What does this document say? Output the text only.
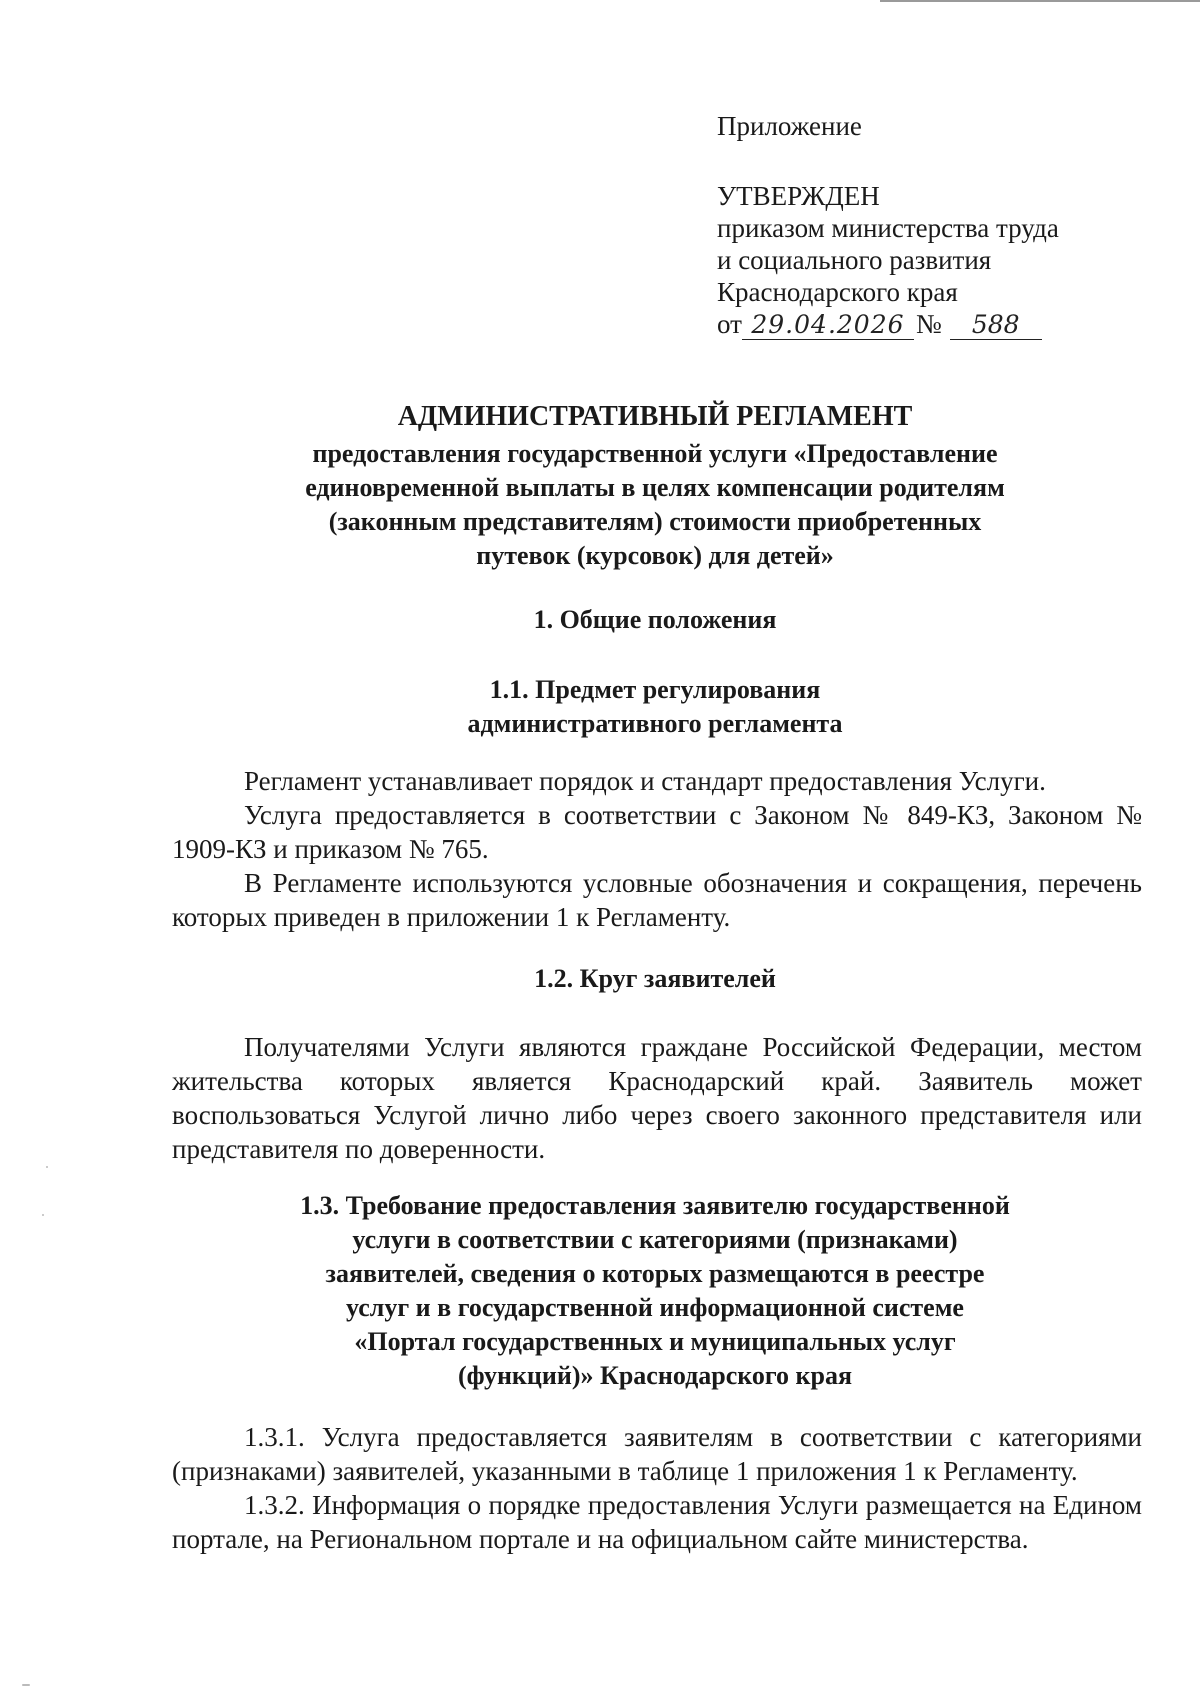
Приложение
УТВЕРЖДЕН
приказом министерства труда
и социального развития
Краснодарского края
от 29.04.2026 №	588
АДМИНИСТРАТИВНЫЙ РЕГЛАМЕНТ
предоставления государственной услуги «Предоставление
единовременной выплаты в целях компенсации родителям
(законным представителям) стоимости приобретенных
путевок (курсовок) для детей»
1. Общие положения
1.1. Предмет регулирования
административного регламента

Регламент устанавливает порядок и стандарт предоставления Услуги.

Услуга предоставляется в соответствии с Законом № 849-КЗ, Законом № 1909-КЗ и приказом № 765.

В Регламенте используются условные обозначения и сокращения, перечень которых приведен в приложении 1 к Регламенту.

1.2. Круг заявителей

Получателями Услуги являются граждане Российской Федерации, местом жительства которых является Краснодарский край. Заявитель может воспользоваться Услугой лично либо через своего законного представителя или представителя по доверенности.

1.3. Требование предоставления заявителю государственной
услуги в соответствии с категориями (признаками)
заявителей, сведения о которых размещаются в реестре
услуг и в государственной информационной системе
«Портал государственных и муниципальных услуг
(функций)» Краснодарского края

1.3.1. Услуга предоставляется заявителям в соответствии с категориями (признаками) заявителей, указанными в таблице 1 приложения 1 к Регламенту.

1.3.2. Информация о порядке предоставления Услуги размещается на Едином портале, на Региональном портале и на официальном сайте министерства.
